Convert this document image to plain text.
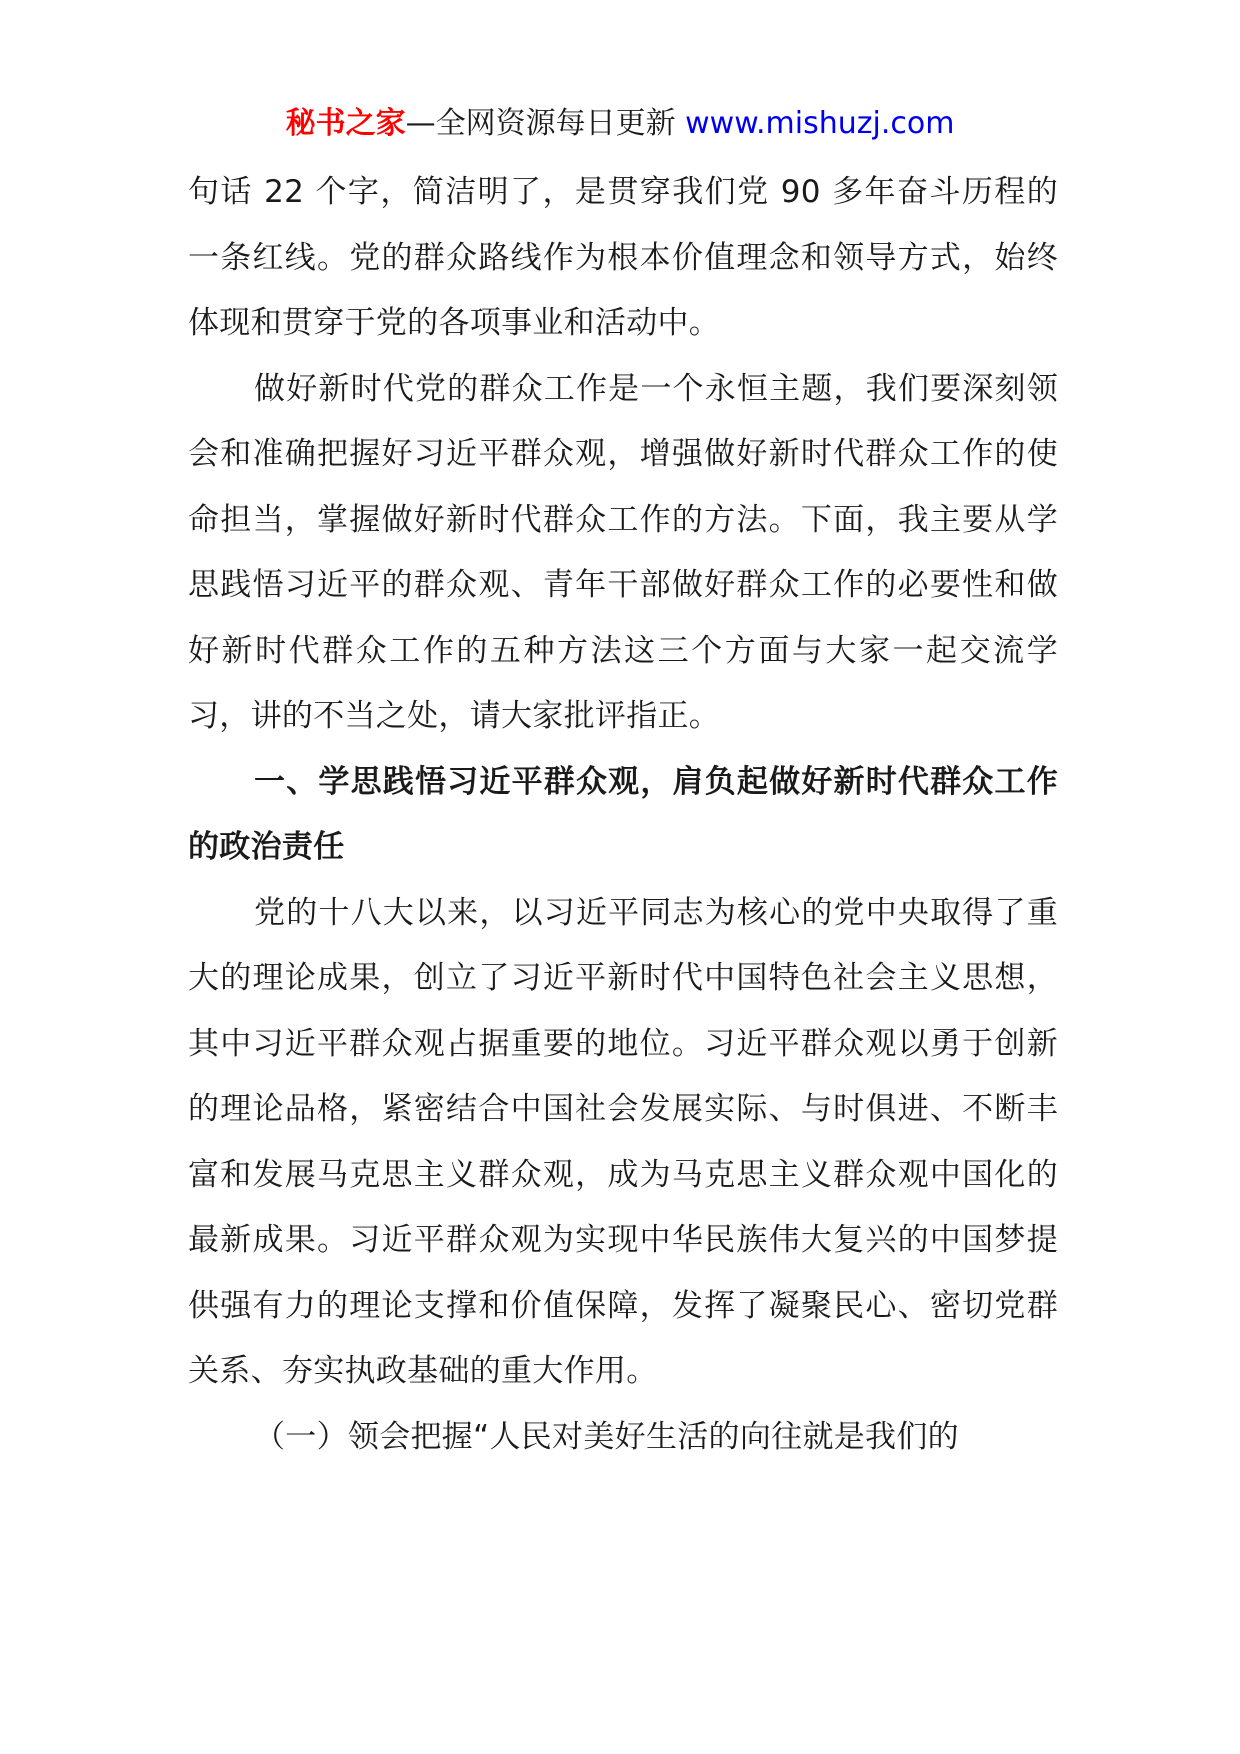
秘书之家—全网资源每日更新 www.mishuzj.com

句话 22 个字，简洁明了，是贯穿我们党 90 多年奋斗历程的一条红线。党的群众路线作为根本价值理念和领导方式，始终体现和贯穿于党的各项事业和活动中。

做好新时代党的群众工作是一个永恒主题，我们要深刻领会和准确把握好习近平群众观，增强做好新时代群众工作的使命担当，掌握做好新时代群众工作的方法。下面，我主要从学思践悟习近平的群众观、青年干部做好群众工作的必要性和做好新时代群众工作的五种方法这三个方面与大家一起交流学习，讲的不当之处，请大家批评指正。

一、学思践悟习近平群众观，肩负起做好新时代群众工作的政治责任

党的十八大以来，以习近平同志为核心的党中央取得了重大的理论成果，创立了习近平新时代中国特色社会主义思想，其中习近平群众观占据重要的地位。习近平群众观以勇于创新的理论品格，紧密结合中国社会发展实际、与时俱进、不断丰富和发展马克思主义群众观，成为马克思主义群众观中国化的最新成果。习近平群众观为实现中华民族伟大复兴的中国梦提供强有力的理论支撑和价值保障，发挥了凝聚民心、密切党群关系、夯实执政基础的重大作用。

（一）领会把握“人民对美好生活的向往就是我们的
